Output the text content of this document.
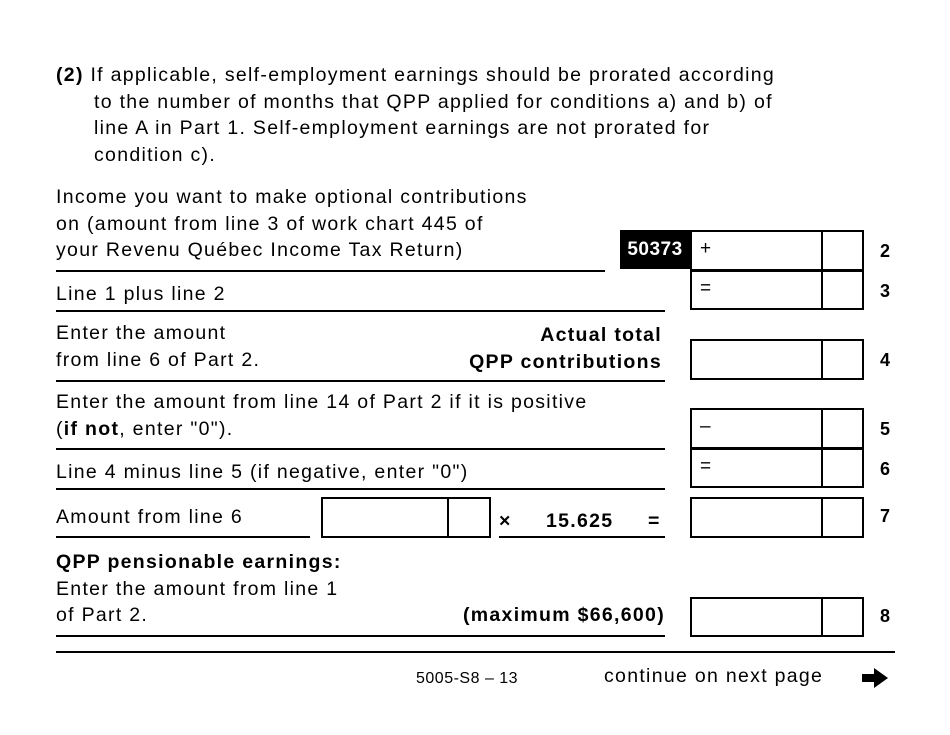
(2) If applicable, self-employment earnings should be prorated according
to the number of months that QPP applied for conditions a) and b) of
line A in Part 1. Self-employment earnings are not prorated for
condition c).
Income you want to make optional contributions
on (amount from line 3 of work chart 445 of
your Revenu Québec Income Tax Return)	50373 +	2
Line 1 plus line 2	=	3
Enter the amount
from line 6 of Part 2.
Actual total
QPP contributions	4
Enter the amount from line 14 of Part 2 if it is positive
(if not, enter "0").	–	5
Line 4 minus line 5 (if negative, enter "0")	=	6
Amount from line 6	× 15.625 =	7
QPP pensionable earnings:
Enter the amount from line 1
of Part 2.	(maximum $66,600)	8
5005-S8 – 13	continue on next page
